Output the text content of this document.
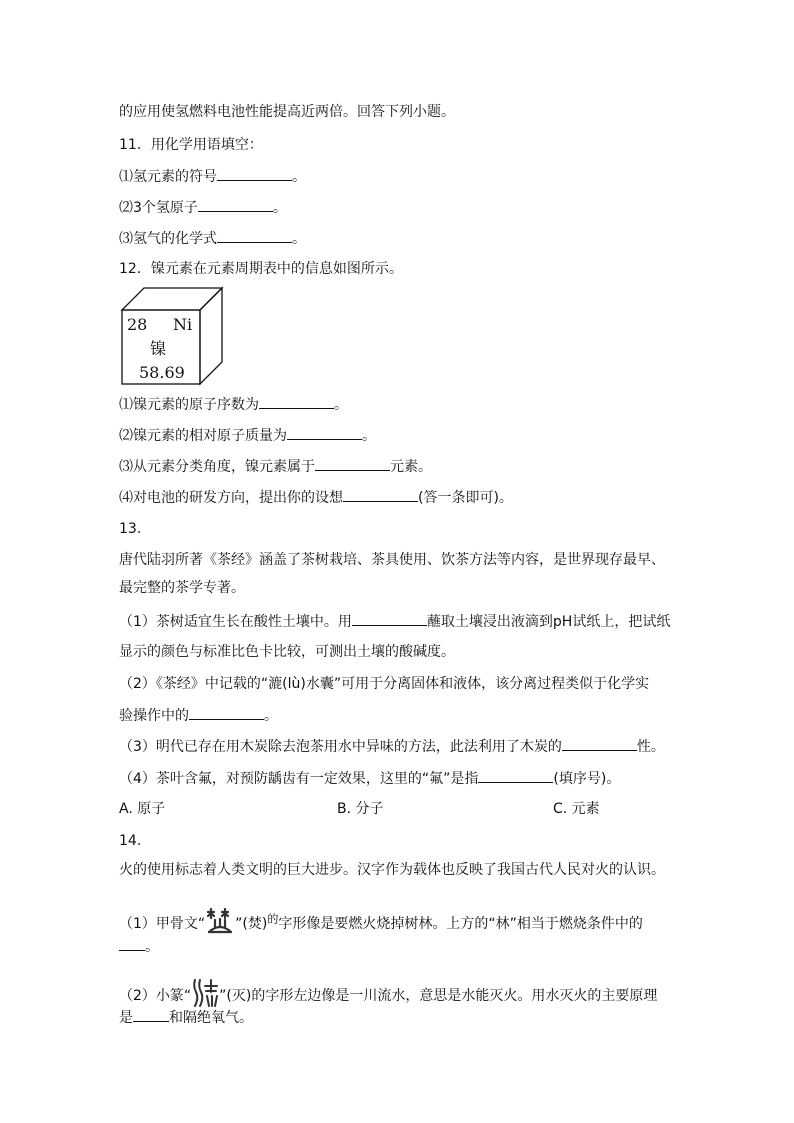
的应用使氢燃料电池性能提高近两倍。回答下列小题。
11．用化学用语填空：
⑴氢元素的符号	。
⑵3个氢原子	。
⑶氢气的化学式	。
12．镍元素在元素周期表中的信息如图所示。
28 Ni
镍
58.69
⑴镍元素的原子序数为	。
⑵镍元素的相对原子质量为	。
⑶从元素分类角度，镍元素属于	元素。
⑷对电池的研发方向，提出你的设想	(答一条即可)。
13.
唐代陆羽所著《茶经》涵盖了茶树栽培、茶具使用、饮茶方法等内容，是世界现存最早、
最完整的茶学专著。
（1）茶树适宜生长在酸性土壤中。用	蘸取土壤浸出液滴到pH试纸上，把试纸
显示的颜色与标准比色卡比较，可测出土壤的酸碱度。
（2）《茶经》中记载的“漉(lù)水囊”可用于分离固体和液体，该分离过程类似于化学实
验操作中的	。
（3）明代已存在用木炭除去泡茶用水中异味的方法，此法利用了木炭的	性。
（4）茶叶含氟，对预防龋齿有一定效果，这里的“氟”是指	(填序号)。
A. 原子	B. 分子	C. 元素
14.
火的使用标志着人类文明的巨大进步。汉字作为载体也反映了我国古代人民对火的认识。
（1）甲骨文“ ”(焚)$^的$字形像是要燃火烧掉树林。上方的“林”相当于燃烧条件中的
。
（2）小篆“ ”(灭)的字形左边像是一川流水，意思是水能灭火。用水灭火的主要原理
是	和隔绝氧气。
